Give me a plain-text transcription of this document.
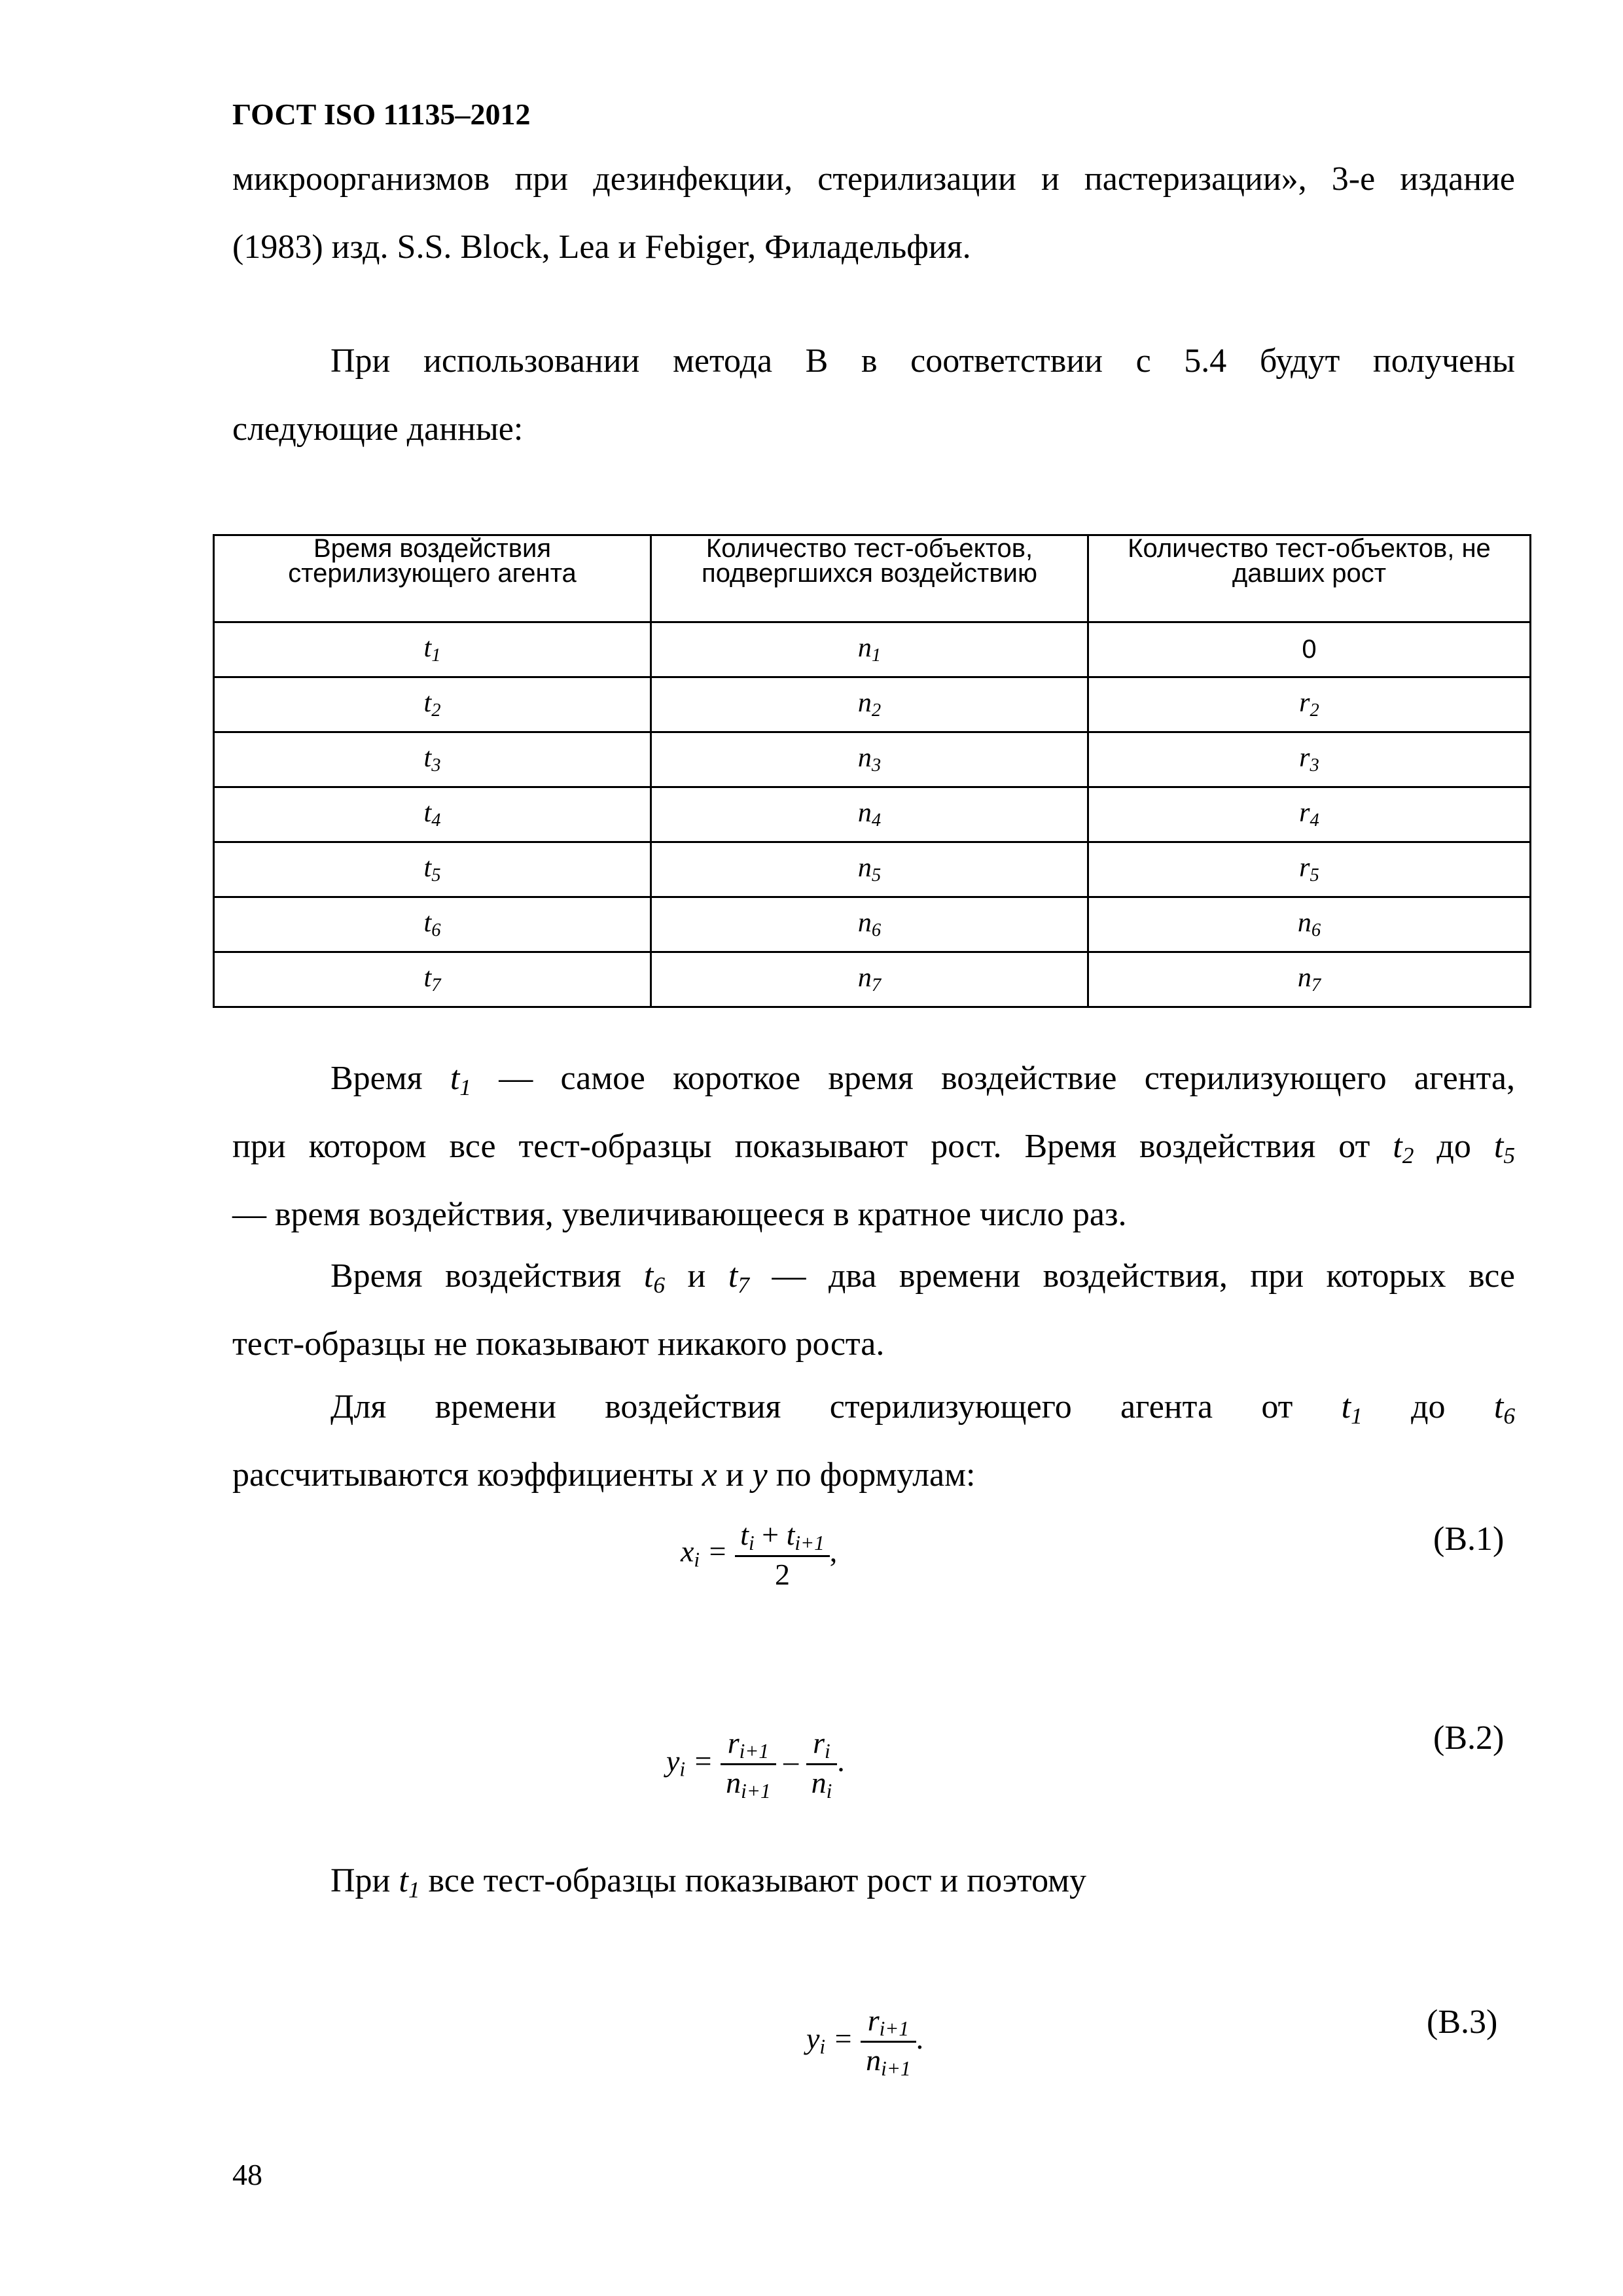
ГОСТ ISO 11135–2012
микроорганизмов при дезинфекции, стерилизации и пастеризации», 3-е издание
(1983) изд. S.S. Block, Lea и Febiger, Филадельфия.
При использовании метода В в соответствии с 5.4 будут получены
следующие данные:
Время воздействия стерилизующего агента	Количество тест-объектов, подвергшихся воздействию	Количество тест-объектов, не давших рост
$t_1$	$n_1$	0
$t_2$	$n_2$	$r_2$
$t_3$	$n_3$	$r_3$
$t_4$	$n_4$	$r_4$
$t_5$	$n_5$	$r_5$
$t_6$	$n_6$	$n_6$
$t_7$	$n_7$	$n_7$
Время $t_1$ — самое короткое время воздействие стерилизующего агента,
при котором все тест-образцы показывают рост. Время воздействия от $t_2$ до $t_5$
— время воздействия, увеличивающееся в кратное число раз.
Время воздействия $t_6$ и $t_7$ — два времени воздействия, при которых все
тест-образцы не показывают никакого роста.
Для времени воздействия стерилизующего агента от $t_1$ до $t_6$
рассчитываются коэффициенты x и y по формулам:
$x_i = \frac{t_i + t_{i+1}}{2}$ ,	(В.1)
$y_i = \frac{r_{i+1}}{n_{i+1}} - \frac{r_i}{n_i}$ .
(В.2)
При $t_1$ все тест-образцы показывают рост и поэтому
$y_i = \frac{r_{i+1}}{n_{i+1}}$ .	(В.3)
48
